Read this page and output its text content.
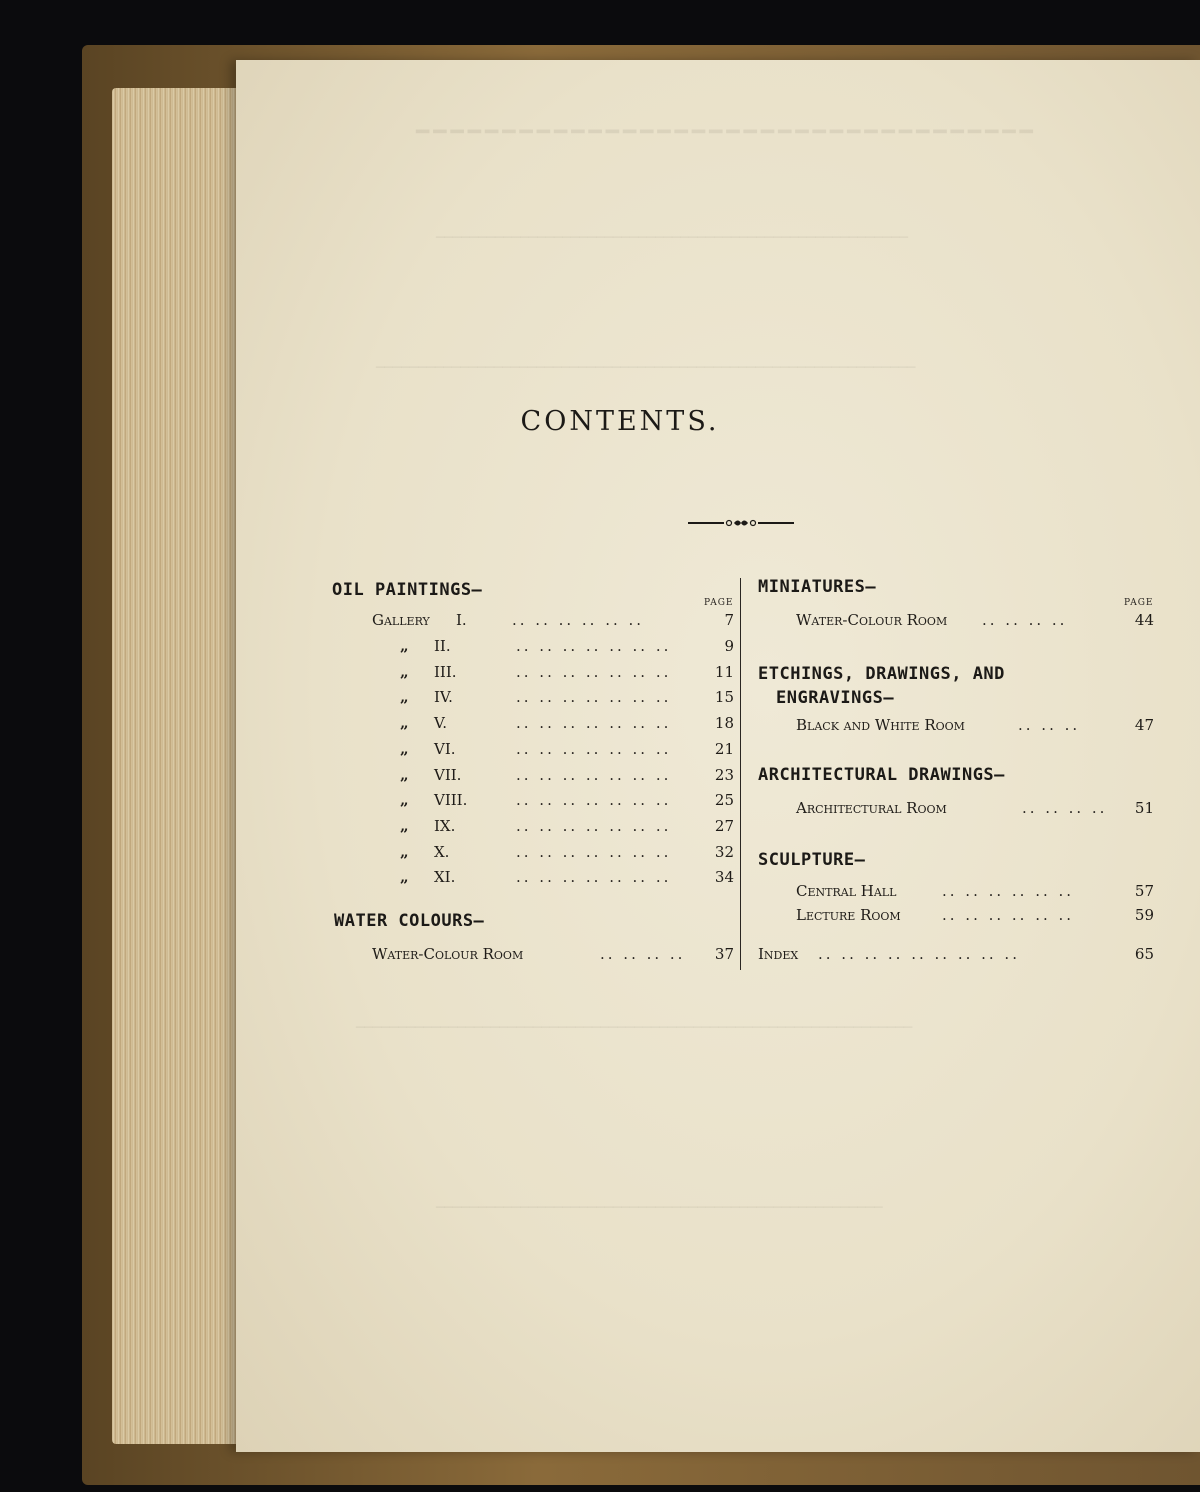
━━━━━━━━━━━━━━━━━━━━━━━━━━━━━━━━━━━━
────────────────────────────────────────────────────────
────────────────────────────────────────────────────────────────
──────────────────────────────────────────────────────────────────
─────────────────────────────────────────────────────
CONTENTS.
OIL PAINTINGS—
PAGE
Gallery I.	.. .. .. .. .. ..	7
„ II.	.. .. .. .. .. .. ..	9
„ III.	.. .. .. .. .. .. ..	11
„ IV.	.. .. .. .. .. .. ..	15
„ V.	.. .. .. .. .. .. ..	18
„ VI.	.. .. .. .. .. .. ..	21
„ VII.	.. .. .. .. .. .. ..	23
„ VIII.	.. .. .. .. .. .. ..	25
„ IX.	.. .. .. .. .. .. ..	27
„ X.	.. .. .. .. .. .. ..	32
„ XI.	.. .. .. .. .. .. ..	34
WATER COLOURS—
Water-Colour Room	.. .. .. .. 37
MINIATURES—
PAGE
Water-Colour Room .. .. .. ..	44
ETCHINGS, DRAWINGS, AND
ENGRAVINGS—
Black and White Room	.. .. ..	47
ARCHITECTURAL DRAWINGS—
Architectural Room	.. .. .. .. 51
SCULPTURE—
Central Hall	.. .. .. .. .. ..	57
Lecture Room	.. .. .. .. .. ..	59
Index .. .. .. .. .. .. .. .. ..	65
